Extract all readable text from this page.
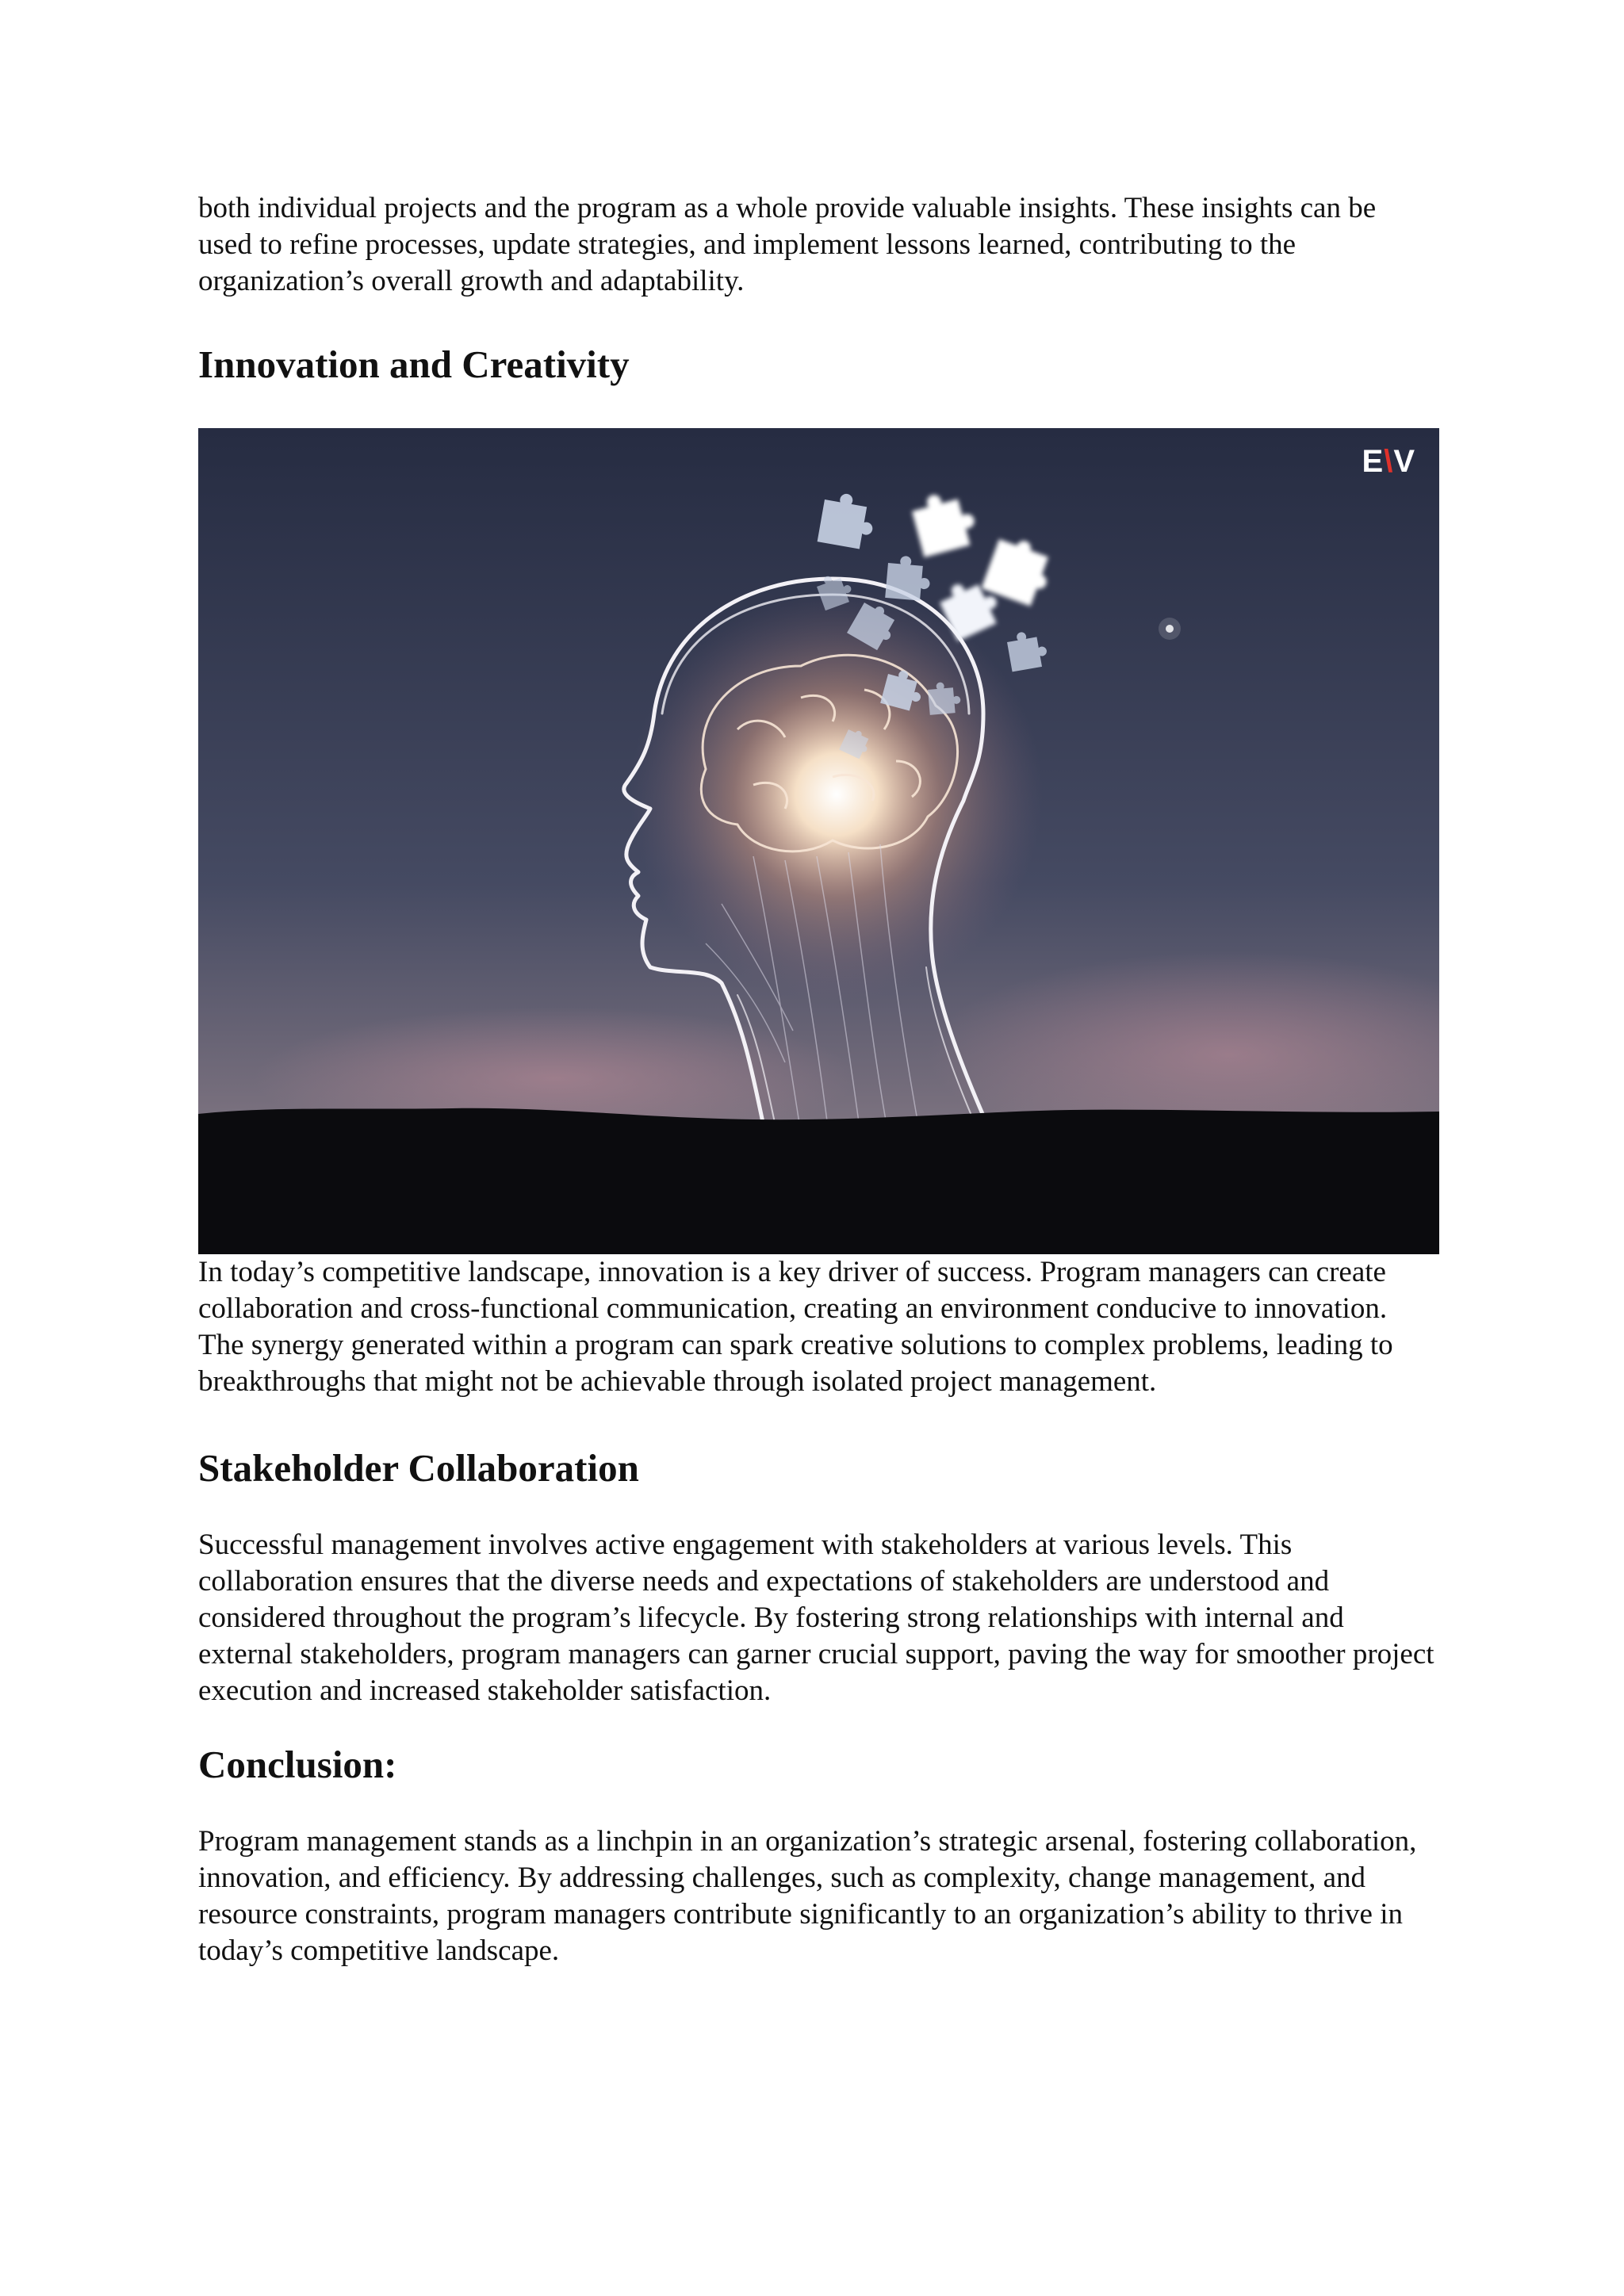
both individual projects and the program as a whole provide valuable insights. These insights can be used to refine processes, update strategies, and implement lessons learned, contributing to the organization’s overall growth and adaptability.

Innovation and Creativity
E\V

In today’s competitive landscape, innovation is a key driver of success. Program managers can create collaboration and cross-functional communication, creating an environment conducive to innovation. The synergy generated within a program can spark creative solutions to complex problems, leading to breakthroughs that might not be achievable through isolated project management.

Stakeholder Collaboration

Successful management involves active engagement with stakeholders at various levels. This collaboration ensures that the diverse needs and expectations of stakeholders are understood and considered throughout the program’s lifecycle. By fostering strong relationships with internal and external stakeholders, program managers can garner crucial support, paving the way for smoother project execution and increased stakeholder satisfaction.

Conclusion:

Program management stands as a linchpin in an organization’s strategic arsenal, fostering collaboration, innovation, and efficiency. By addressing challenges, such as complexity, change management, and resource constraints, program managers contribute significantly to an organization’s ability to thrive in today’s competitive landscape.
